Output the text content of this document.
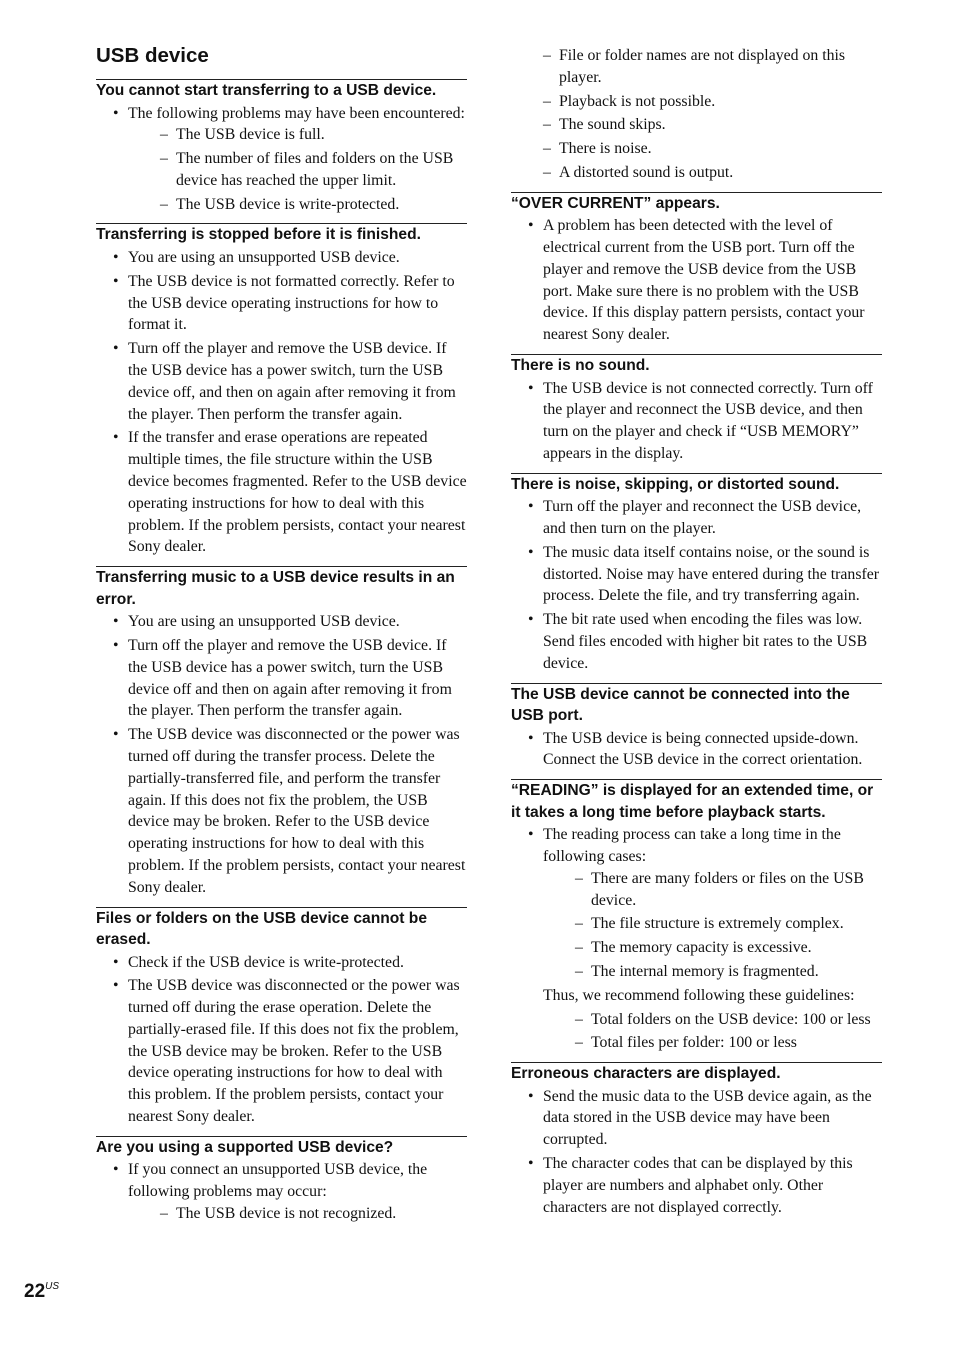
USB device
You cannot start transferring to a USB device.
• The following problems may have been encountered:
– The USB device is full.
– The number of files and folders on the USB device has reached the upper limit.
– The USB device is write-protected.
Transferring is stopped before it is finished.
• You are using an unsupported USB device.
• The USB device is not formatted correctly. Refer to the USB device operating instructions for how to format it.
• Turn off the player and remove the USB device. If the USB device has a power switch, turn the USB device off, and then on again after removing it from the player. Then perform the transfer again.
• If the transfer and erase operations are repeated multiple times, the file structure within the USB device becomes fragmented. Refer to the USB device operating instructions for how to deal with this problem. If the problem persists, contact your nearest Sony dealer.
Transferring music to a USB device results in an error.
• You are using an unsupported USB device.
• Turn off the player and remove the USB device. If the USB device has a power switch, turn the USB device off and then on again after removing it from the player. Then perform the transfer again.
• The USB device was disconnected or the power was turned off during the transfer process. Delete the partially-transferred file, and perform the transfer again. If this does not fix the problem, the USB device may be broken. Refer to the USB device operating instructions for how to deal with this problem. If the problem persists, contact your nearest Sony dealer.
Files or folders on the USB device cannot be erased.
• Check if the USB device is write-protected.
• The USB device was disconnected or the power was turned off during the erase operation. Delete the partially-erased file. If this does not fix the problem, the USB device may be broken. Refer to the USB device operating instructions for how to deal with this problem. If the problem persists, contact your nearest Sony dealer.
Are you using a supported USB device?
• If you connect an unsupported USB device, the following problems may occur:
– The USB device is not recognized.
– File or folder names are not displayed on this player.
– Playback is not possible.
– The sound skips.
– There is noise.
– A distorted sound is output.
“OVER CURRENT” appears.
• A problem has been detected with the level of electrical current from the USB port. Turn off the player and remove the USB device from the USB port. Make sure there is no problem with the USB device. If this display pattern persists, contact your nearest Sony dealer.
There is no sound.
• The USB device is not connected correctly. Turn off the player and reconnect the USB device, and then turn on the player and check if “USB MEMORY” appears in the display.
There is noise, skipping, or distorted sound.
• Turn off the player and reconnect the USB device, and then turn on the player.
• The music data itself contains noise, or the sound is distorted. Noise may have entered during the transfer process. Delete the file, and try transferring again.
• The bit rate used when encoding the files was low. Send files encoded with higher bit rates to the USB device.
The USB device cannot be connected into the USB port.
• The USB device is being connected upside-down. Connect the USB device in the correct orientation.
“READING” is displayed for an extended time, or it takes a long time before playback starts.
• The reading process can take a long time in the following cases:
– There are many folders or files on the USB device.
– The file structure is extremely complex.
– The memory capacity is excessive.
– The internal memory is fragmented.
Thus, we recommend following these guidelines:
– Total folders on the USB device: 100 or less
– Total files per folder: 100 or less
Erroneous characters are displayed.
• Send the music data to the USB device again, as the data stored in the USB device may have been corrupted.
• The character codes that can be displayed by this player are numbers and alphabet only. Other characters are not displayed correctly.
$22^{US}$
